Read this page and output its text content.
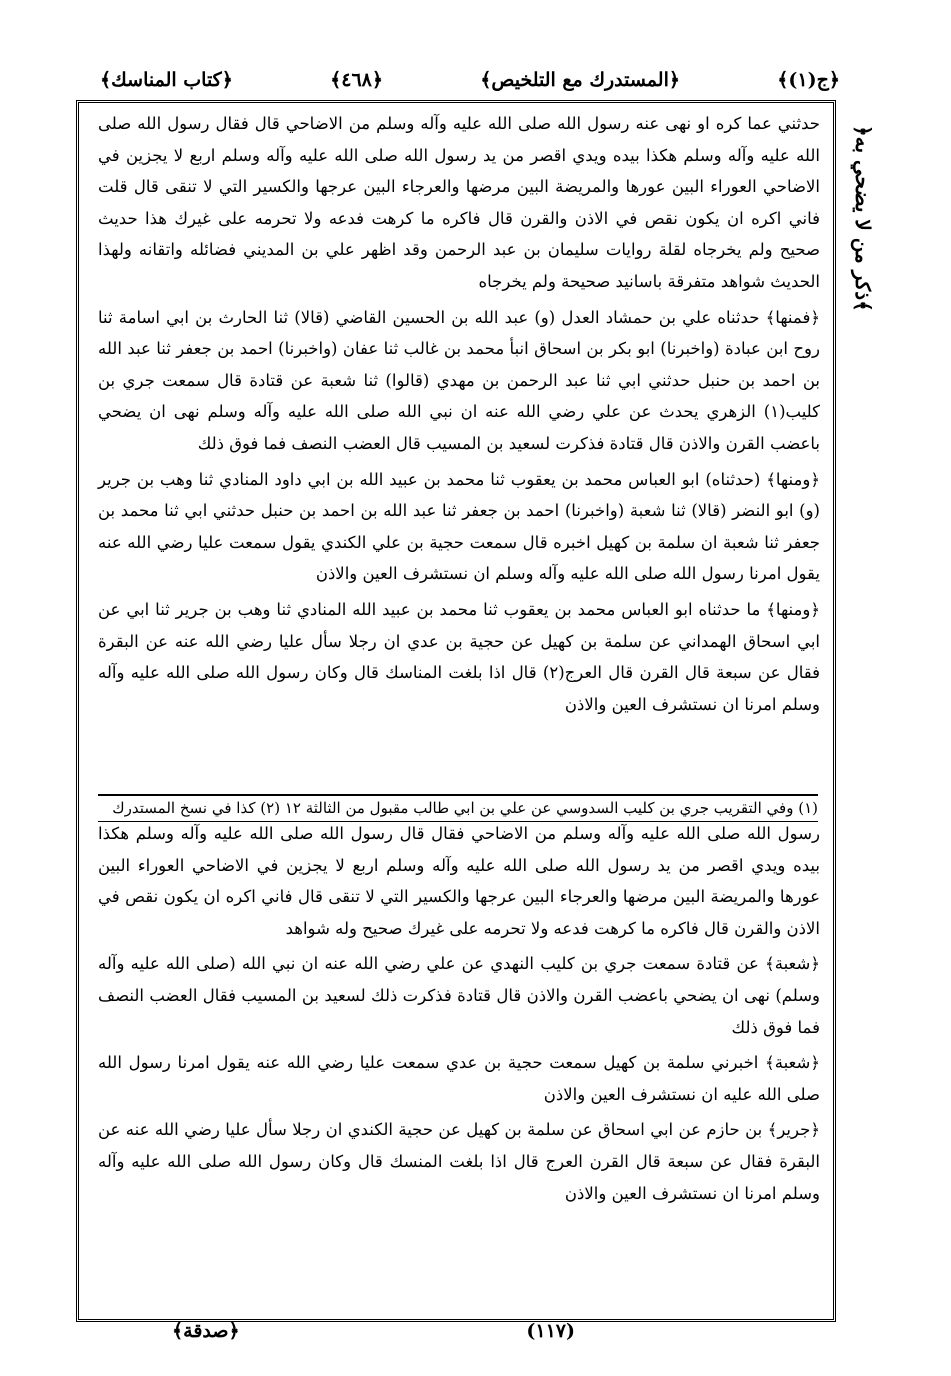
﴿ج(١)﴾
﴿المستدرك مع التلخيص﴾
﴿٤٦٨﴾
﴿كتاب المناسك﴾
﴿ذكر من لا يضحي به﴾

حدثني عما كره او نهى عنه رسول الله صلى الله عليه وآله وسلم من الاضاحي قال فقال رسول الله صلى الله عليه وآله وسلم هكذا بيده ويدي اقصر من يد رسول الله صلى الله عليه وآله وسلم اربع لا يجزين في الاضاحي العوراء البين عورها والمريضة البين مرضها والعرجاء البين عرجها والكسير التي لا تنقى قال قلت فاني اكره ان يكون نقص في الاذن والقرن قال فاكره ما كرهت فدعه ولا تحرمه على غيرك هذا حديث صحيح ولم يخرجاه لقلة روايات سليمان بن عبد الرحمن وقد اظهر علي بن المديني فضائله واتقانه ولهذا الحديث شواهد متفرقة باسانيد صحيحة ولم يخرجاه

﴿فمنها﴾ حدثناه علي بن حمشاد العدل (و) عبد الله بن الحسين القاضي (قالا) ثنا الحارث بن ابي اسامة ثنا روح ابن عبادة (واخبرنا) ابو بكر بن اسحاق انبأ محمد بن غالب ثنا عفان (واخبرنا) احمد بن جعفر ثنا عبد الله بن احمد بن حنبل حدثني ابي ثنا عبد الرحمن بن مهدي (قالوا) ثنا شعبة عن قتادة قال سمعت جري بن كليب(١) الزهري يحدث عن علي رضي الله عنه ان نبي الله صلى الله عليه وآله وسلم نهى ان يضحي باعضب القرن والاذن قال قتادة فذكرت لسعيد بن المسيب قال العضب النصف فما فوق ذلك

﴿ومنها﴾ (حدثناه) ابو العباس محمد بن يعقوب ثنا محمد بن عبيد الله بن ابي داود المنادي ثنا وهب بن جرير (و) ابو النضر (قالا) ثنا شعبة (واخبرنا) احمد بن جعفر ثنا عبد الله بن احمد بن حنبل حدثني ابي ثنا محمد بن جعفر ثنا شعبة ان سلمة بن كهيل اخبره قال سمعت حجية بن علي الكندي يقول سمعت عليا رضي الله عنه يقول امرنا رسول الله صلى الله عليه وآله وسلم ان نستشرف العين والاذن

﴿ومنها﴾ ما حدثناه ابو العباس محمد بن يعقوب ثنا محمد بن عبيد الله المنادي ثنا وهب بن جرير ثنا ابي عن ابي اسحاق الهمداني عن سلمة بن كهيل عن حجية بن عدي ان رجلا سأل عليا رضي الله عنه عن البقرة فقال عن سبعة قال القرن قال العرج(٢) قال اذا بلغت المناسك قال وكان رسول الله صلى الله عليه وآله وسلم امرنا ان نستشرف العين والاذن

(١) وفي التقريب جري بن كليب السدوسي عن علي بن ابي طالب مقبول من الثالثة ١٢ (٢) كذا في نسخ المستدرك

رسول الله صلى الله عليه وآله وسلم من الاضاحي فقال قال رسول الله صلى الله عليه وآله وسلم هكذا بيده ويدي اقصر من يد رسول الله صلى الله عليه وآله وسلم اربع لا يجزين في الاضاحي العوراء البين عورها والمريضة البين مرضها والعرجاء البين عرجها والكسير التي لا تنقى قال فاني اكره ان يكون نقص في الاذن والقرن قال فاكره ما كرهت فدعه ولا تحرمه على غيرك صحيح وله شواهد

﴿شعبة﴾ عن قتادة سمعت جري بن كليب النهدي عن علي رضي الله عنه ان نبي الله (صلى الله عليه وآله وسلم) نهى ان يضحي باعضب القرن والاذن قال قتادة فذكرت ذلك لسعيد بن المسيب فقال العضب النصف فما فوق ذلك

﴿شعبة﴾ اخبرني سلمة بن كهيل سمعت حجية بن عدي سمعت عليا رضي الله عنه يقول امرنا رسول الله صلى الله عليه ان نستشرف العين والاذن

﴿جرير﴾ بن حازم عن ابي اسحاق عن سلمة بن كهيل عن حجية الكندي ان رجلا سأل عليا رضي الله عنه عن البقرة فقال عن سبعة قال القرن العرج قال اذا بلغت المنسك قال وكان رسول الله صلى الله عليه وآله وسلم امرنا ان نستشرف العين والاذن

(١١٧)
﴿صدقة﴾
